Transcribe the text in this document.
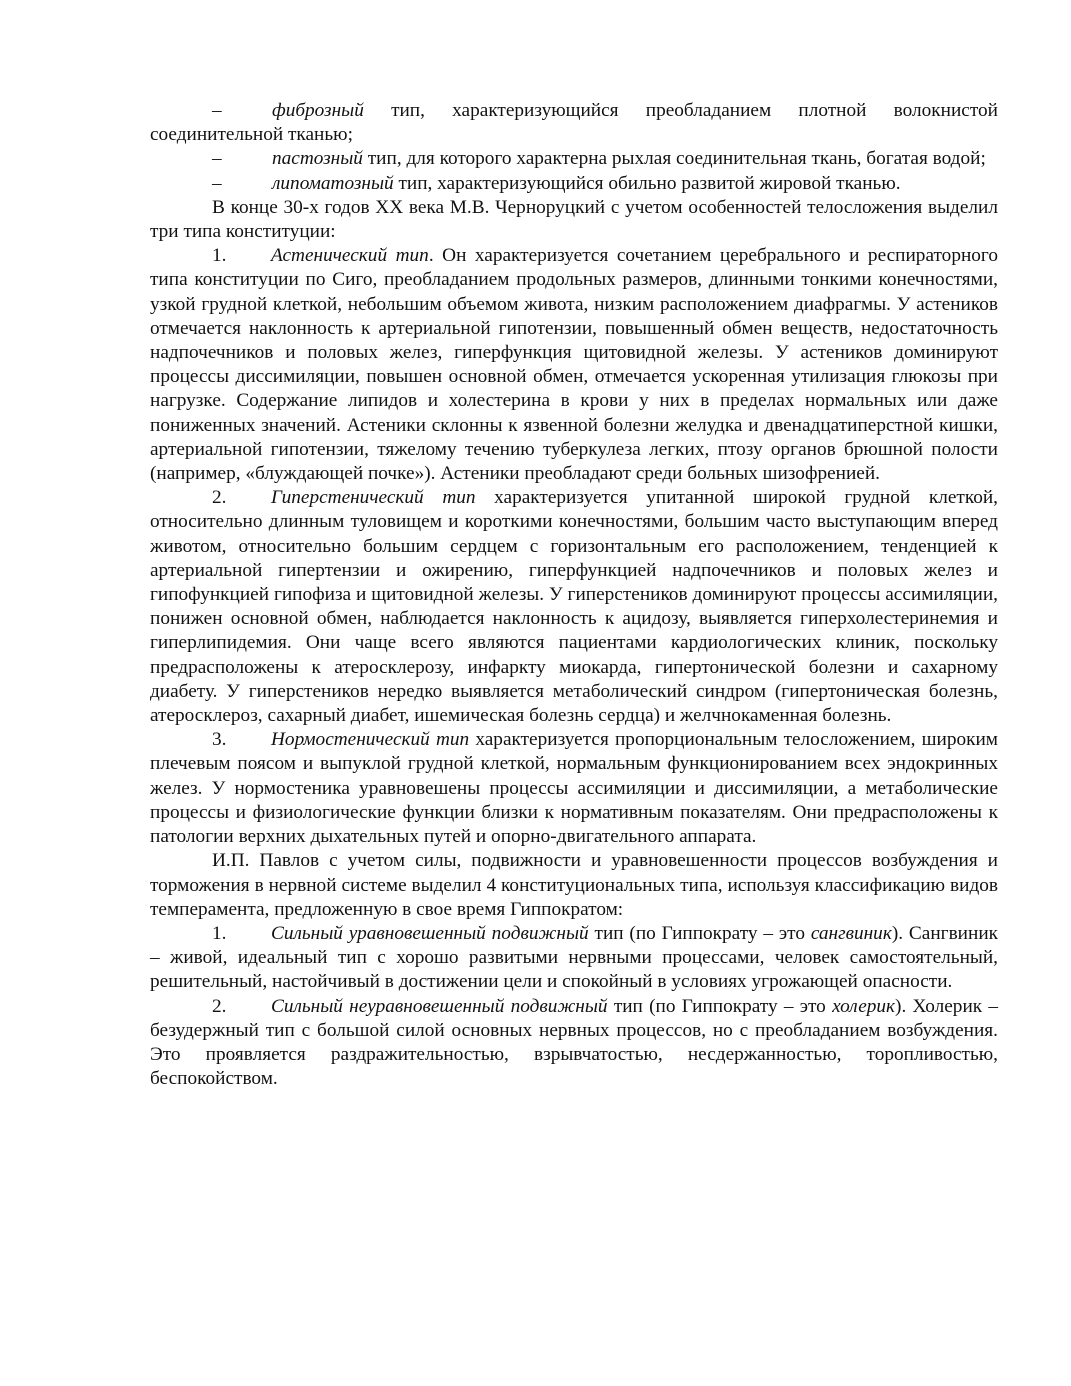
–	фиброзный тип, характеризующийся преобладанием плотной волокнистой соединительной тканью;

–	пастозный тип, для которого характерна рыхлая соединительная ткань, богатая водой;

–	липоматозный тип, характеризующийся обильно развитой жировой тканью.

В конце 30-х годов XX века М.В. Черноруцкий с учетом особенностей телосложения выделил три типа конституции:

1. Астенический тип. Он характеризуется сочетанием церебрального и респираторного типа конституции по Сиго, преобладанием продольных размеров, длинными тонкими конечностями, узкой грудной клеткой, небольшим объемом живота, низким расположением диафрагмы. У астеников отмечается наклонность к артериальной гипотензии, повышенный обмен веществ, недостаточность надпочечников и половых желез, гиперфункция щитовидной железы. У астеников доминируют процессы диссимиляции, повышен основной обмен, отмечается ускоренная утилизация глюкозы при нагрузке. Содержание липидов и холестерина в крови у них в пределах нормальных или даже пониженных значений. Астеники склонны к язвенной болезни желудка и двенадцатиперстной кишки, артериальной гипотензии, тяжелому течению туберкулеза легких, птозу органов брюшной полости (например, «блуждающей почке»). Астеники преобладают среди больных шизофренией.

2. Гиперстенический тип характеризуется упитанной широкой грудной клеткой, относительно длинным туловищем и короткими конечностями, большим часто выступающим вперед животом, относительно большим сердцем с горизонтальным его расположением, тенденцией к артериальной гипертензии и ожирению, гиперфункцией надпочечников и половых желез и гипофункцией гипофиза и щитовидной железы. У гиперстеников доминируют процессы ассимиляции, понижен основной обмен, наблюдается наклонность к ацидозу, выявляется гиперхолестеринемия и гиперлипидемия. Они чаще всего являются пациентами кардиологических клиник, поскольку предрасположены к атеросклерозу, инфаркту миокарда, гипертонической болезни и сахарному диабету. У гиперстеников нередко выявляется метаболический синдром (гипертоническая болезнь, атеросклероз, сахарный диабет, ишемическая болезнь сердца) и желчнокаменная болезнь.

3. Нормостенический тип характеризуется пропорциональным телосложением, широким плечевым поясом и выпуклой грудной клеткой, нормальным функционированием всех эндокринных желез. У нормостеника уравновешены процессы ассимиляции и диссимиляции, а метаболические процессы и физиологические функции близки к нормативным показателям. Они предрасположены к патологии верхних дыхательных путей и опорно-двигательного аппарата.

И.П. Павлов с учетом силы, подвижности и уравновешенности процессов возбуждения и торможения в нервной системе выделил 4 конституциональных типа, используя классификацию видов темперамента, предложенную в свое время Гиппократом:

1. Сильный уравновешенный подвижный тип (по Гиппократу – это сангвиник). Сангвиник – живой, идеальный тип с хорошо развитыми нервными процессами, человек самостоятельный, решительный, настойчивый в достижении цели и спокойный в условиях угрожающей опасности.

2. Сильный неуравновешенный подвижный тип (по Гиппократу – это холерик). Холерик – безудержный тип с большой силой основных нервных процессов, но с преобладанием возбуждения. Это проявляется раздражительностью, взрывчатостью, несдержанностью, торопливостью, беспокойством.
